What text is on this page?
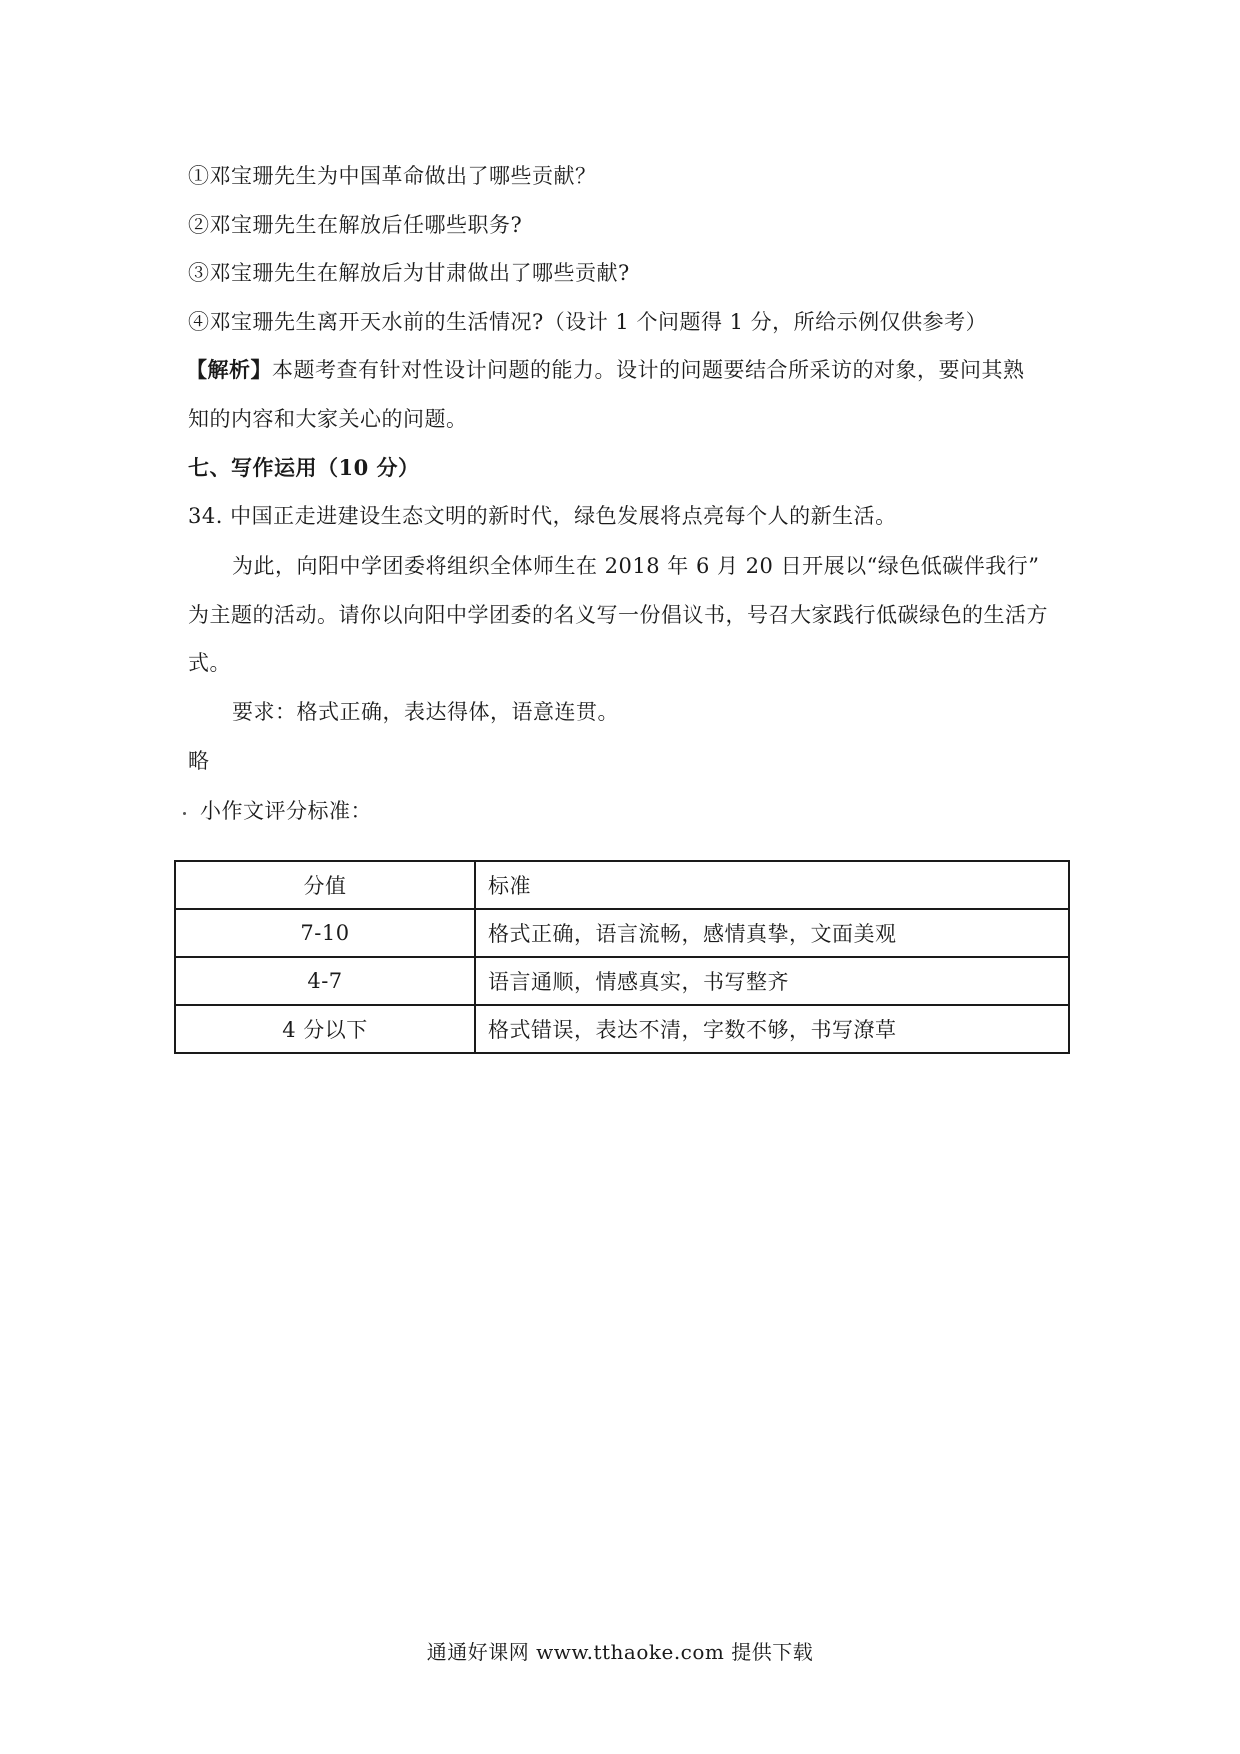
①邓宝珊先生为中国革命做出了哪些贡献？
②邓宝珊先生在解放后任哪些职务?
③邓宝珊先生在解放后为甘肃做出了哪些贡献?
④邓宝珊先生离开天水前的生活情况?（设计 1 个问题得 1 分，所给示例仅供参考）
【解析】本题考查有针对性设计问题的能力。设计的问题要结合所采访的对象，要问其熟
知的内容和大家关心的问题。
七、写作运用（10 分）
34. 中国正走进建设生态文明的新时代，绿色发展将点亮每个人的新生活。
为此，向阳中学团委将组织全体师生在 2018 年 6 月 20 日开展以“绿色低碳伴我行”
为主题的活动。请你以向阳中学团委的名义写一份倡议书，号召大家践行低碳绿色的生活方
式。
要求：格式正确，表达得体，语意连贯。
略
小作文评分标准：
分值	标准
7-10	格式正确，语言流畅，感情真挚，文面美观
4-7	语言通顺，情感真实，书写整齐
4 分以下	格式错误，表达不清，字数不够，书写潦草
通通好课网 www.tthaoke.com 提供下载
